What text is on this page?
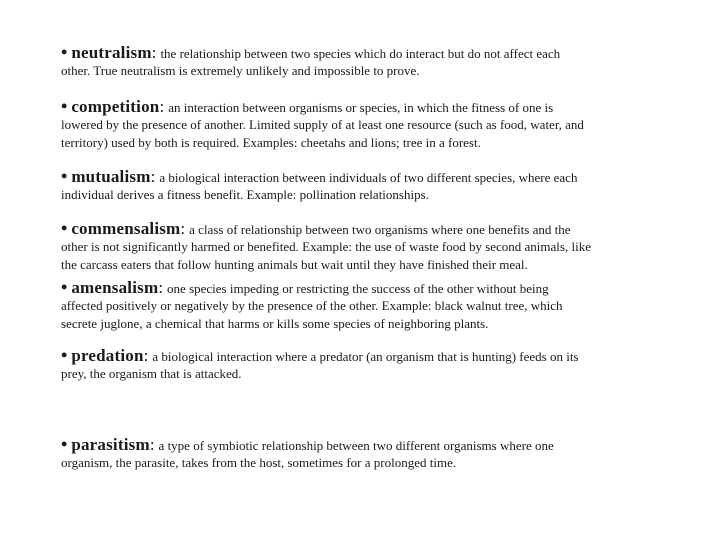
• neutralism: the relationship between two species which do interact but do not affect each
other. True neutralism is extremely unlikely and impossible to prove.
• competition: an interaction between organisms or species, in which the fitness of one is
lowered by the presence of another. Limited supply of at least one resource (such as food, water, and
territory) used by both is required. Examples: cheetahs and lions; tree in a forest.
• mutualism: a biological interaction between individuals of two different species, where each
individual derives a fitness benefit. Example: pollination relationships.
• commensalism: a class of relationship between two organisms where one benefits and the
other is not significantly harmed or benefited. Example: the use of waste food by second animals, like
the carcass eaters that follow hunting animals but wait until they have finished their meal.
• amensalism: one species impeding or restricting the success of the other without being
affected positively or negatively by the presence of the other. Example: black walnut tree, which
secrete juglone, a chemical that harms or kills some species of neighboring plants.
• predation: a biological interaction where a predator (an organism that is hunting) feeds on its
prey, the organism that is attacked.
• parasitism: a type of symbiotic relationship between two different organisms where one
organism, the parasite, takes from the host, sometimes for a prolonged time.
